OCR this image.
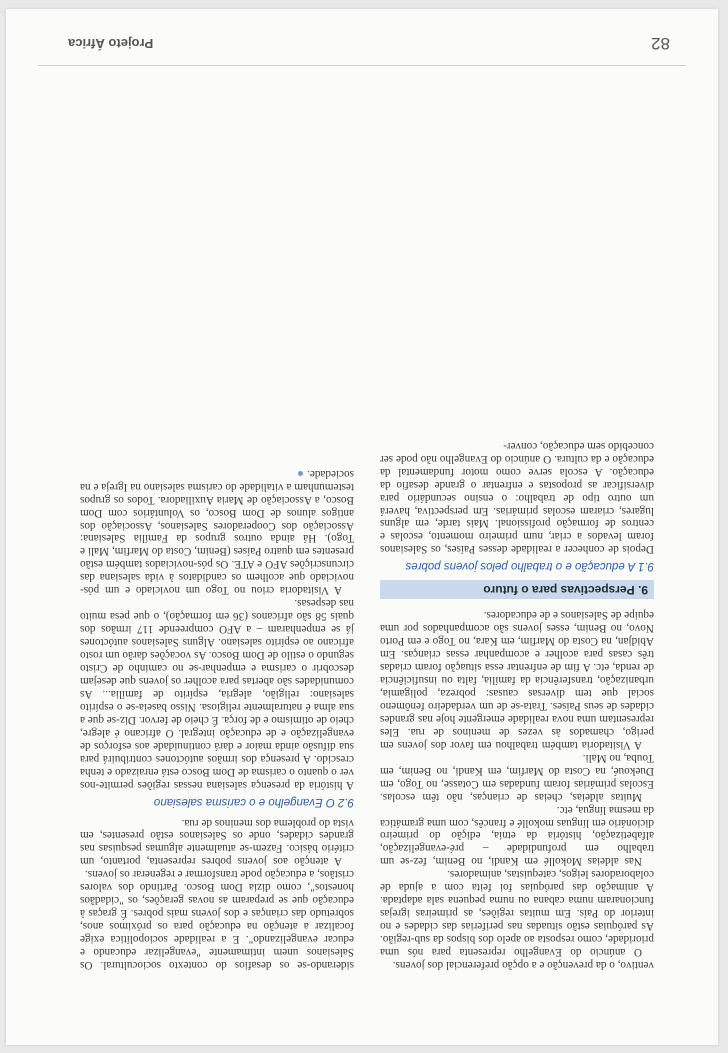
ventivo, o da prevenção e a opção preferencial dos jovens.

O anúncio do Evangelho representa para nós uma prioridade, como resposta ao apelo dos bispos da sub-região. As paróquias estão situadas nas periferias das cidades e no interior do País. Em muitas regiões, as primeiras igrejas funcionaram numa cabana ou numa pequena sala adaptada. A animação das paróquias foi feita com a ajuda de colaboradores leigos, catequistas, animadores.

Nas aldeias Mokollé em Kandi, no Benim, fez-se um trabalho em profundidade – pré-evangelização, alfabetização, história da etnia, edição do primeiro dicionário em línguas mokollé e francês, com uma gramática da mesma língua, etc.

Muitas aldeias, cheias de crianças, não têm escolas. Escolas primárias foram fundadas em Cotasse, no Togo, em Duekoué, na Costa do Marfim, em Kandi, no Benim, em Touba, no Mali.

A Visitadoria também trabalhou em favor dos jovens em perigo, chamados às vezes de meninos de rua. Eles representam uma nova realidade emergente hoje nas grandes cidades de seus Países. Trata-se de um verdadeiro fenômeno social que tem diversas causas: pobreza, poligamia, urbanização, transferência da família, falta ou insuficiência de renda, etc. A fim de enfrentar essa situação foram criadas três casas para acolher e acompanhar essas crianças. Em Abidjan, na Costa do Marfim, em Kara, no Togo e em Porto Novo, no Benim, esses jovens são acompanhados por uma equipe de Salesianos e de educadores.

9. Perspectivas para o futuro
9.1 A educação e o trabalho pelos jovens pobres

Depois de conhecer a realidade desses Países, os Salesianos foram levados a criar, num primeiro momento, escolas e centros de formação profissional. Mais tarde, em alguns lugares, criaram escolas primárias. Em perspectiva, haverá um outro tipo de trabalho: o ensino secundário para diversificar as propostas e enfrentar o grande desafio da educação. A escola serve como motor fundamental da educação e da cultura. O anúncio do Evangelho não pode ser concebido sem educação, conver-

siderando-se os desafios do contexto sociocultural. Os Salesianos unem intimamente "evangelizar educando e educar evangelizando". E a realidade sociopolítica exige focalizar a atenção na educação para os próximos anos, sobretudo das crianças e dos jovens mais pobres. É graças à educação que se preparam as novas gerações, os "cidadãos honestos", como dizia Dom Bosco. Partindo dos valores cristãos, a educação pode transformar e regenerar os jovens.

A atenção aos jovens pobres representa, portanto, um critério básico. Fazem-se atualmente algumas pesquisas nas grandes cidades, onde os Salesianos estão presentes, em vista do problema dos meninos de rua.

9.2 O Evangelho e o carisma salesiano

A história da presença salesiana nessas regiões permite-nos ver o quanto o carisma de Dom Bosco está enraizado e tenha crescido. A presença dos irmãos autóctones contribuirá para sua difusão ainda maior e dará continuidade aos esforços de evangelização e de educação integral. O africano é alegre, cheio de otimismo e de força. É cheio de fervor. Diz-se que a sua alma é naturalmente religiosa. Nisso baseia-se o espírito salesiano: religião, alegria, espírito de família... As comunidades são abertas para acolher os jovens que desejam descobrir o carisma e empenhar-se no caminho de Cristo segundo o estilo de Dom Bosco. As vocações darão um rosto africano ao espírito salesiano. Alguns Salesianos autóctones já se empenharam – a AFO compreende 117 irmãos dos quais 58 são africanos (36 em formação), o que pesa muito nas despesas.

A Visitadoria criou no Togo um noviciado e um pós-noviciado que acolhem os candidatos à vida salesiana das circunscrições AFO e ATE. Os pós-noviciados também estão presentes em quatro Países (Benim, Costa do Marfim, Mali e Togo). Há ainda outros grupos da Família Salesiana: Associação dos Cooperadores Salesianos, Associação dos antigos alunos de Dom Bosco, os Voluntários com Dom Bosco, a Associação de Maria Auxiliadora. Todos os grupos testemunham a vitalidade do carisma salesiano na Igreja e na sociedade.

82
Projeto África
